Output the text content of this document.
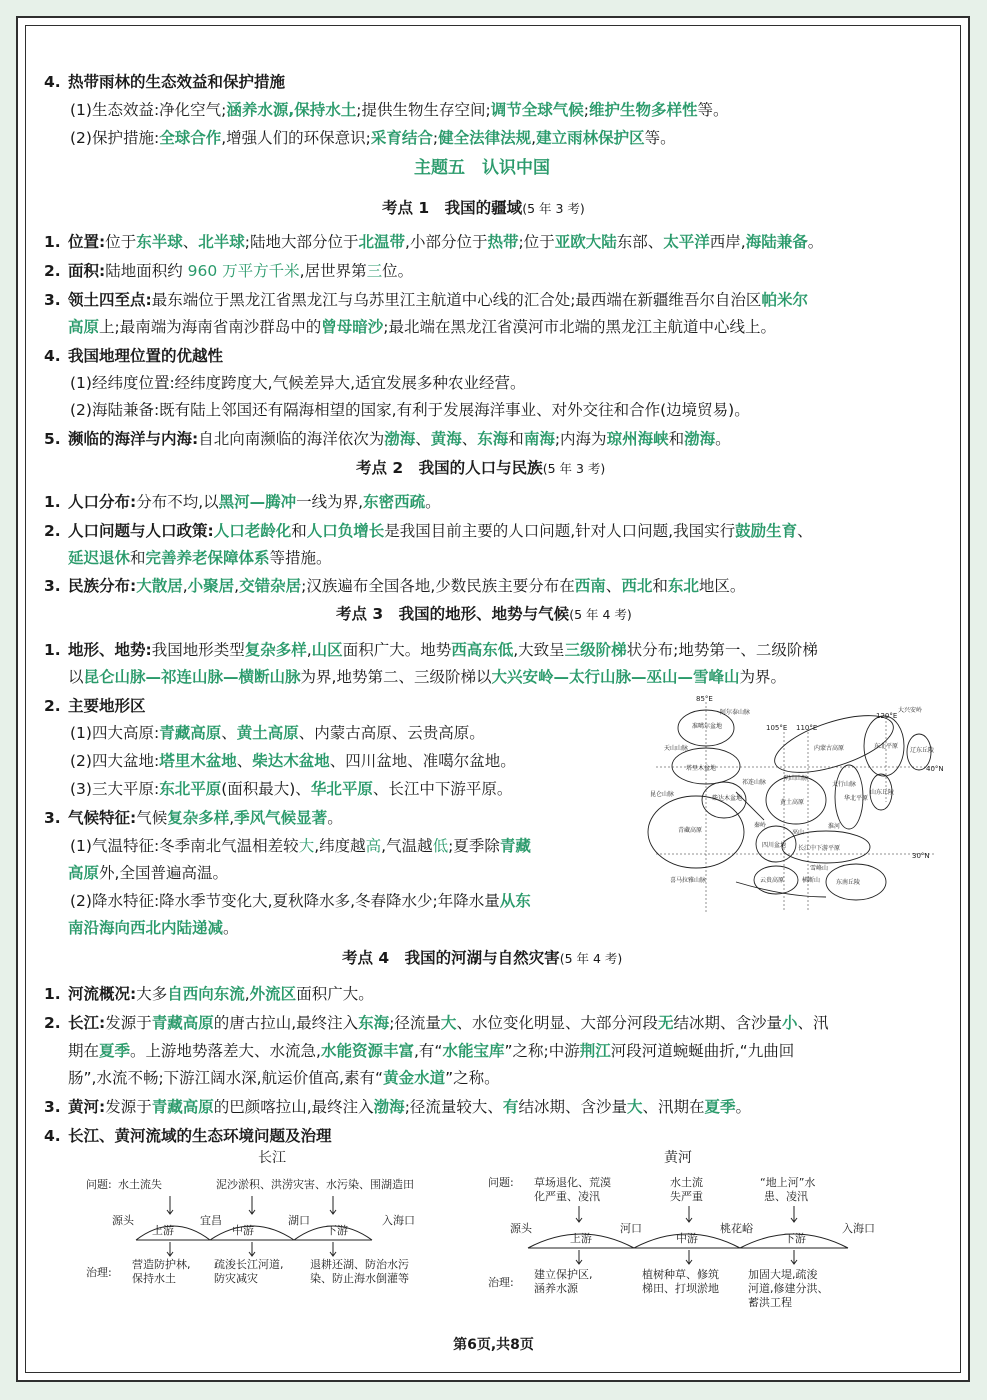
4. 热带雨林的生态效益和保护措施
(1)生态效益:净化空气;涵养水源,保持水土;提供生物生存空间;调节全球气候;维护生物多样性等。
(2)保护措施:全球合作,增强人们的环保意识;采育结合;健全法律法规,建立雨林保护区等。
主题五　认识中国
考点 1　我国的疆域(5 年 3 考)
1. 位置:位于东半球、北半球;陆地大部分位于北温带,小部分位于热带;位于亚欧大陆东部、太平洋西岸,海陆兼备。
2. 面积:陆地面积约 960 万平方千米,居世界第三位。
3. 领土四至点:最东端位于黑龙江省黑龙江与乌苏里江主航道中心线的汇合处;最西端在新疆维吾尔自治区帕米尔
高原上;最南端为海南省南沙群岛中的曾母暗沙;最北端在黑龙江省漠河市北端的黑龙江主航道中心线上。
4. 我国地理位置的优越性
(1)经纬度位置:经纬度跨度大,气候差异大,适宜发展多种农业经营。
(2)海陆兼备:既有陆上邻国还有隔海相望的国家,有利于发展海洋事业、对外交往和合作(边境贸易)。
5. 濒临的海洋与内海:自北向南濒临的海洋依次为渤海、黄海、东海和南海;内海为琼州海峡和渤海。
考点 2　我国的人口与民族(5 年 3 考)
1. 人口分布:分布不均,以黑河—腾冲一线为界,东密西疏。
2. 人口问题与人口政策:人口老龄化和人口负增长是我国目前主要的人口问题,针对人口问题,我国实行鼓励生育、
延迟退休和完善养老保障体系等措施。
3. 民族分布:大散居,小聚居,交错杂居;汉族遍布全国各地,少数民族主要分布在西南、西北和东北地区。
考点 3　我国的地形、地势与气候(5 年 4 考)
1. 地形、地势:我国地形类型复杂多样,山区面积广大。地势西高东低,大致呈三级阶梯状分布;地势第一、二级阶梯
以昆仑山脉—祁连山脉—横断山脉为界,地势第二、三级阶梯以大兴安岭—太行山脉—巫山—雪峰山为界。
2. 主要地形区
(1)四大高原:青藏高原、黄土高原、内蒙古高原、云贵高原。
(2)四大盆地:塔里木盆地、柴达木盆地、四川盆地、准噶尔盆地。
(3)三大平原:东北平原(面积最大)、华北平原、长江中下游平原。
3. 气候特征:气候复杂多样,季风气候显著。
(1)气温特征:冬季南北气温相差较大,纬度越高,气温越低;夏季除青藏
高原外,全国普遍高温。
(2)降水特征:降水季节变化大,夏秋降水多,冬春降水少;年降水量从东
南沿海向西北内陆递减。
考点 4　我国的河湖与自然灾害(5 年 4 考)
1. 河流概况:大多自西向东流,外流区面积广大。
2. 长江:发源于青藏高原的唐古拉山,最终注入东海;径流量大、水位变化明显、大部分河段无结冰期、含沙量小、汛
期在夏季。上游地势落差大、水流急,水能资源丰富,有“水能宝库”之称;中游荆江河段河道蜿蜒曲折,“九曲回
肠”,水流不畅;下游江阔水深,航运价值高,素有“黄金水道”之称。
3. 黄河:发源于青藏高原的巴颜喀拉山,最终注入渤海;径流量较大、有结冰期、含沙量大、汛期在夏季。
4. 长江、黄河流域的生态环境问题及治理
85°E
105°E 110°E
120°E
40°N
30°N
阿尔泰山脉
准噶尔盆地
天山山脉
塔里木盆地
昆仑山脉
柴达木盆地
祁连山脉
青藏高原
喜马拉雅山脉	横断山
黄土高原
内蒙古高原
阴山山脉
太行山脉
华北平原
东北平原
辽东丘陵
山东丘陵
大兴安岭
四川盆地
云贵高原
长江中下游平原
东南丘陵
秦岭
巫山
雪峰山
淮河
长江
问题: 水土流失	泥沙淤积、洪涝灾害、水污染、围湖造田
源头	宜昌	湖口	入海口
上游	中游	下游
治理:
营造防护林,
保持水土
疏浚长江河道,
防灾减灾
退耕还湖、防治水污
染、防止海水倒灌等
黄河
问题: 草场退化、荒漠
化严重、凌汛
水土流
失严重
“地上河”水
患、凌汛
源头	河口	桃花峪	入海口
上游	中游	下游
治理:
建立保护区,
涵养水源
植树种草、修筑
梯田、打坝淤地
加固大堤,疏浚
河道,修建分洪、
蓄洪工程
第6页,共8页
